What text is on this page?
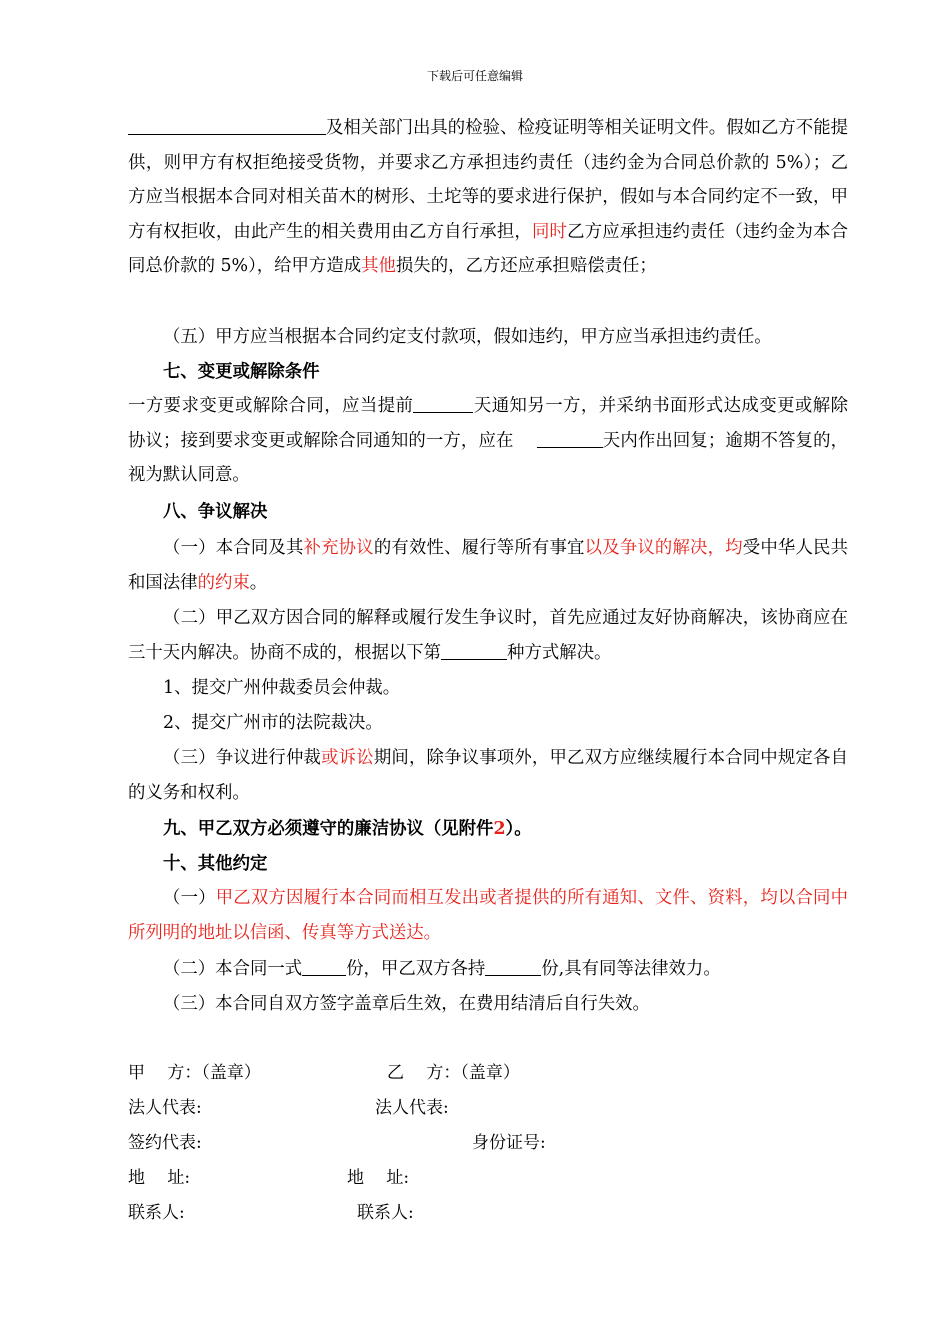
下载后可任意编辑

及相关部门出具的检验、检疫证明等相关证明文件。假如乙方不能提供，则甲方有权拒绝接受货物，并要求乙方承担违约责任（违约金为合同总价款的 5%）；乙方应当根据本合同对相关苗木的树形、土坨等的要求进行保护，假如与本合同约定不一致，甲方有权拒收，由此产生的相关费用由乙方自行承担，同时乙方应承担违约责任（违约金为本合同总价款的 5%），给甲方造成其他损失的，乙方还应承担赔偿责任；

（五）甲方应当根据本合同约定支付款项，假如违约，甲方应当承担违约责任。

七、变更或解除条件

一方要求变更或解除合同，应当提前	天通知另一方，并采纳书面形式达成变更或解除协议；接到要求变更或解除合同通知的一方，应在　	天内作出回复；逾期不答复的，视为默认同意。

八、争议解决

（一）本合同及其补充协议的有效性、履行等所有事宜以及争议的解决，均受中华人民共和国法律的约束。

（二）甲乙双方因合同的解释或履行发生争议时，首先应通过友好协商解决，该协商应在三十天内解决。协商不成的，根据以下第	种方式解决。

1、提交广州仲裁委员会仲裁。

2、提交广州市的法院裁决。

（三）争议进行仲裁或诉讼期间，除争议事项外，甲乙双方应继续履行本合同中规定各自的义务和权利。

九、甲乙双方必须遵守的廉洁协议（见附件2）。

十、其他约定

（一）甲乙双方因履行本合同而相互发出或者提供的所有通知、文件、资料，均以合同中所列明的地址以信函、传真等方式送达。

（二）本合同一式	份，甲乙双方各持	份,具有同等法律效力。

（三）本合同自双方签字盖章后生效，在费用结清后自行失效。

甲　 方：（盖章）	乙　 方：（盖章）
法人代表:	法人代表:
签约代表:	身份证号:
地　 址:	地　 址:
联系人:	联系人:
